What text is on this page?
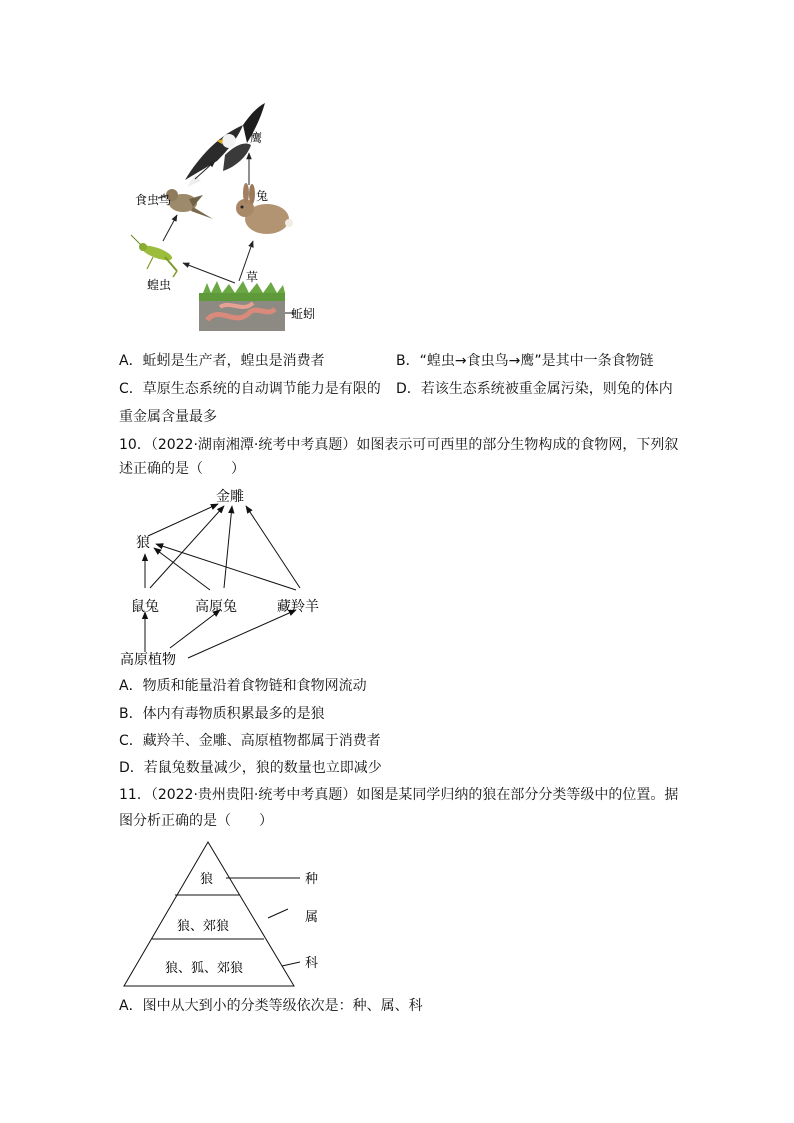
鹰
食虫鸟	兔
蝗虫
草
蚯蚓
A．蚯蚓是生产者，蝗虫是消费者	B．“蝗虫→食虫鸟→鹰”是其中一条食物链
C．草原生态系统的自动调节能力是有限的 D．若该生态系统被重金属污染，则兔的体内
重金属含量最多
10．（2022·湖南湘潭·统考中考真题）如图表示可可西里的部分生物构成的食物网，下列叙
述正确的是（　　）
金雕
狼
鼠兔	高原兔	藏羚羊
高原植物
A．物质和能量沿着食物链和食物网流动
B．体内有毒物质积累最多的是狼
C．藏羚羊、金雕、高原植物都属于消费者
D．若鼠兔数量减少，狼的数量也立即减少
11．（2022·贵州贵阳·统考中考真题）如图是某同学归纳的狼在部分分类等级中的位置。据
图分析正确的是（　　）
狼
狼、郊狼
狼、狐、郊狼
种
属
科
A．图中从大到小的分类等级依次是：种、属、科
